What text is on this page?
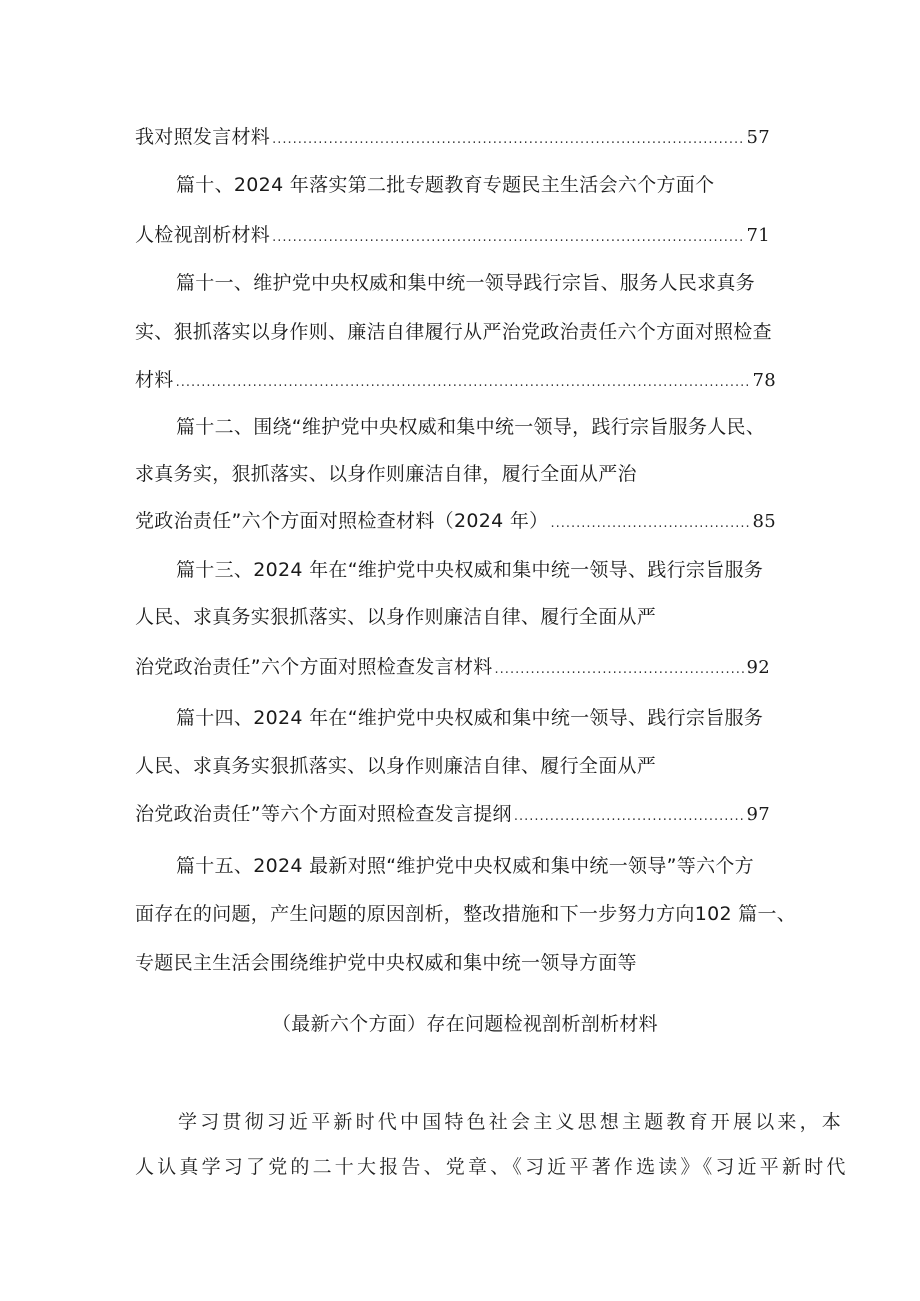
我对照发言材料 .....	57
篇十、2024 年落实第二批专题教育专题民主生活会六个方面个
人检视剖析材料 .....	71
篇十一、维护党中央权威和集中统一领导践行宗旨、服务人民求真务
实、狠抓落实以身作则、廉洁自律履行从严治党政治责任六个方面对照检查
材料 .....	78
篇十二、围绕“维护党中央权威和集中统一领导，践行宗旨服务人民、
求真务实，狠抓落实、以身作则廉洁自律，履行全面从严治
党政治责任”六个方面对照检查材料（2024 年） .....	85
篇十三、2024 年在“维护党中央权威和集中统一领导、践行宗旨服务
人民、求真务实狠抓落实、以身作则廉洁自律、履行全面从严
治党政治责任”六个方面对照检查发言材料 .....	92
篇十四、2024 年在“维护党中央权威和集中统一领导、践行宗旨服务
人民、求真务实狠抓落实、以身作则廉洁自律、履行全面从严
治党政治责任”等六个方面对照检查发言提纲 .....	97
篇十五、2024 最新对照“维护党中央权威和集中统一领导”等六个方
面存在的问题，产生问题的原因剖析，整改措施和下一步努力方向102 篇一、
专题民主生活会围绕维护党中央权威和集中统一领导方面等
（最新六个方面）存在问题检视剖析剖析材料
学习贯彻习近平新时代中国特色社会主义思想主题教育开展以来，本
人认真学习了党的二十大报告、党章、《习近平著作选读》《习近平新时代
